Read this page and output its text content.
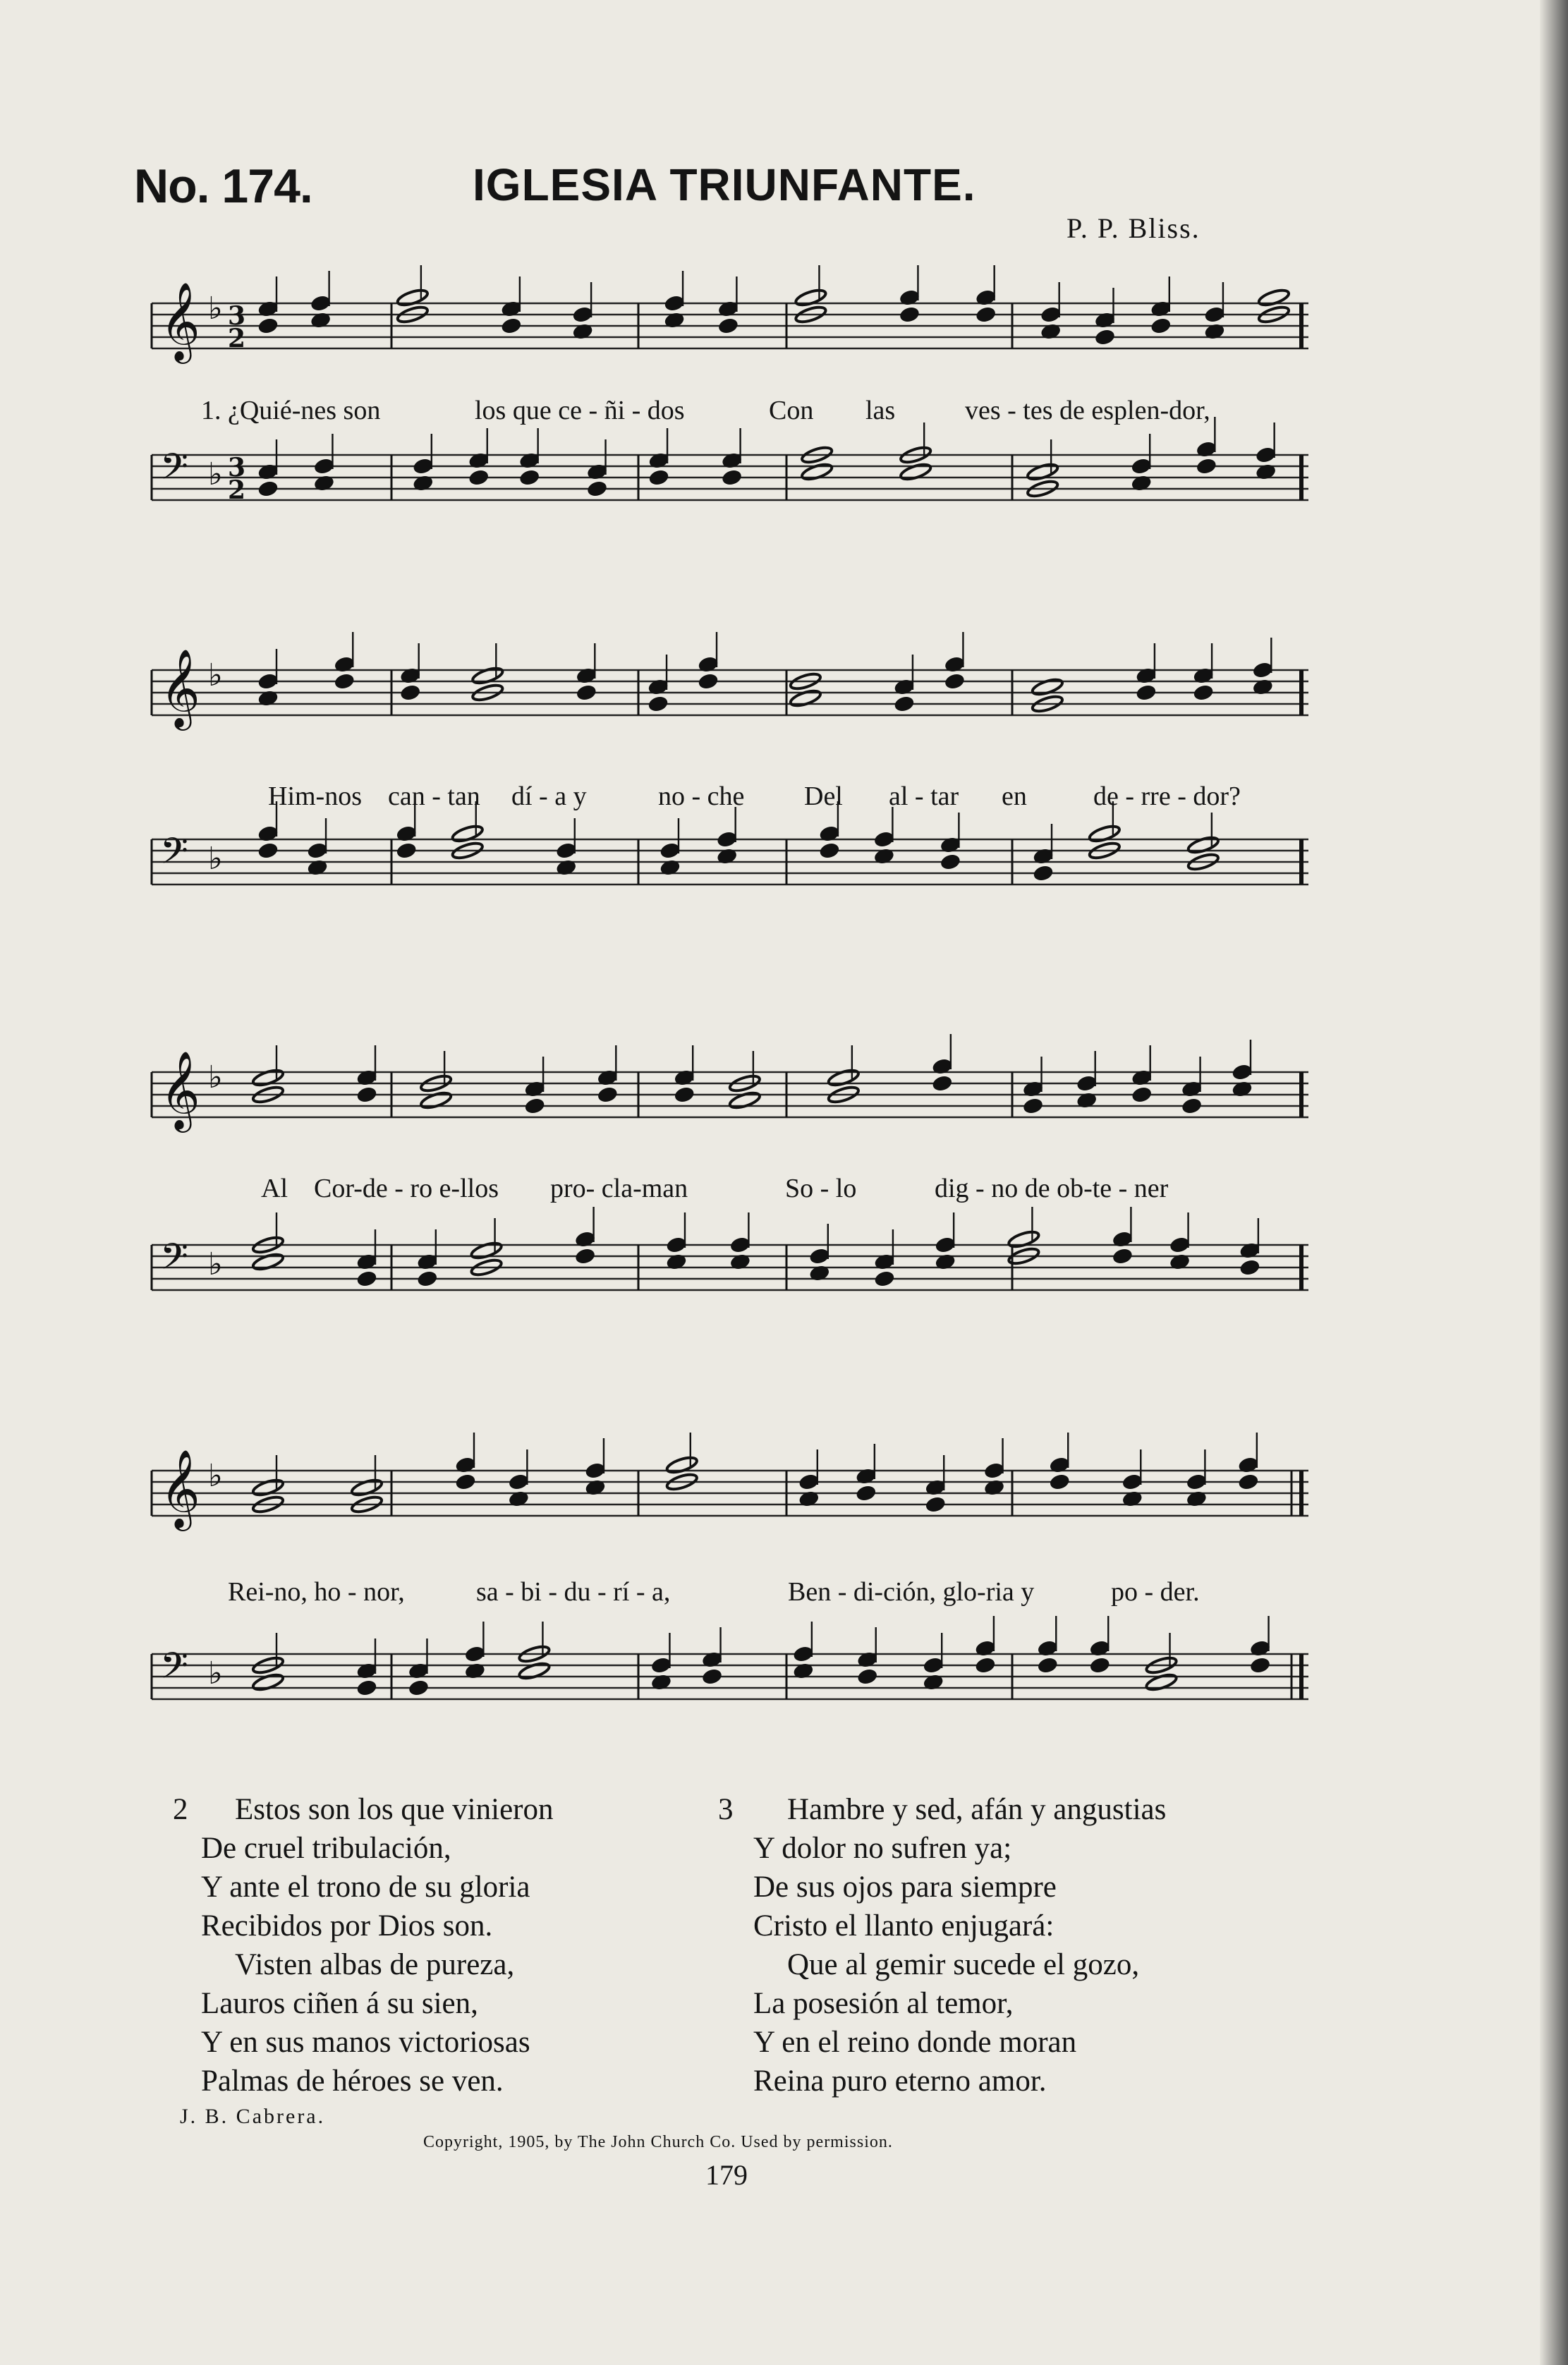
No. 174.	IGLESIA TRIUNFANTE.
P. P. Bliss.
𝄞 ♭ 3
2
1. ¿Quié-nes son	los que ce - ñi - dos	Con las	ves - tes de esplen-dor,
𝄢 ♭ 3
2
𝄞 ♭
Him-nos can - tan dí - a y	no - che Del al - tar en de - rre - dor?
𝄢 ♭
𝄞 ♭
Al Cor-de - ro e-llos pro- cla-man	So - lo	dig - no de ob-te - ner
𝄢 ♭
𝄞 ♭
Rei-no, ho - nor,	sa - bi - du - rí - a,	Ben - di-ción, glo-ria y	po - der.
𝄢 ♭
2	Estos son los que vinieron
De cruel tribulación,
Y ante el trono de su gloria
Recibidos por Dios son.
Visten albas de pureza,
Lauros ciñen á su sien,
Y en sus manos victoriosas
Palmas de héroes se ven.
3	Hambre y sed, afán y angustias
Y dolor no sufren ya;
De sus ojos para siempre
Cristo el llanto enjugará:
Que al gemir sucede el gozo,
La posesión al temor,
Y en el reino donde moran
Reina puro eterno amor.
J. B. Cabrera.
Copyright, 1905, by The John Church Co. Used by permission.
179
